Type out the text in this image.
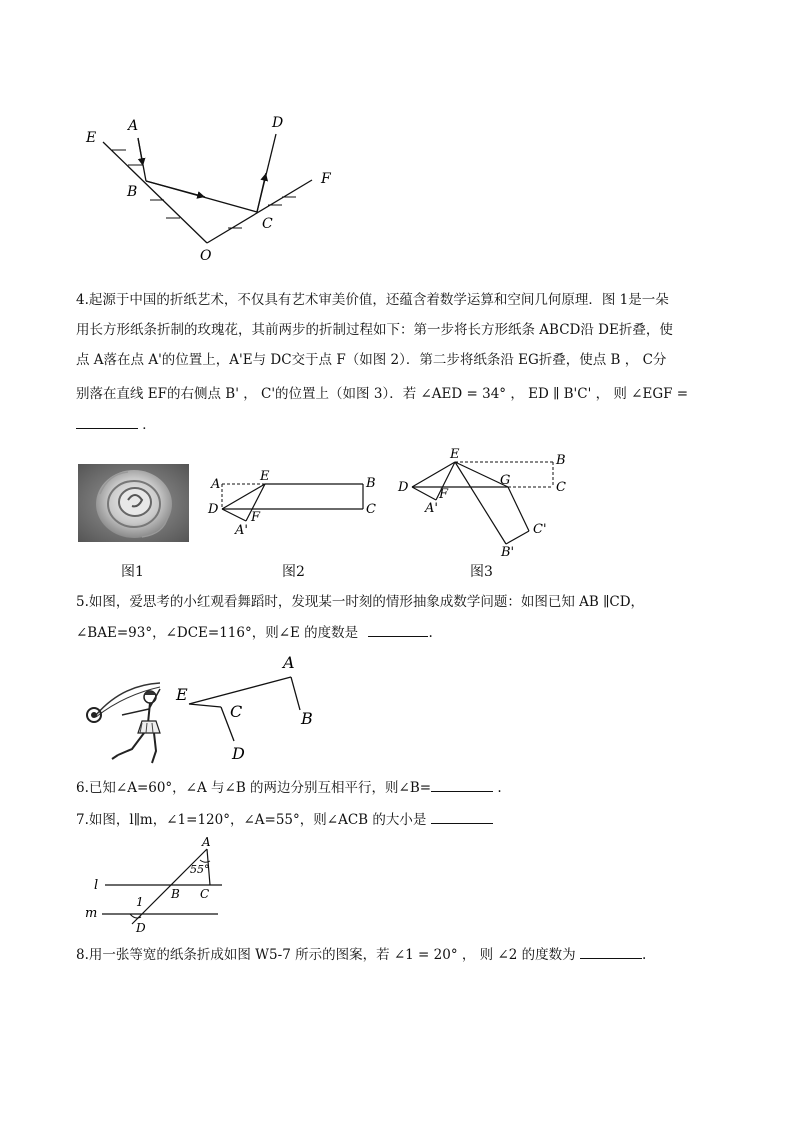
E
A	D
B
C
F
O
4.起源于中国的折纸艺术，不仅具有艺术审美价值，还蕴含着数学运算和空间几何原理．图 1是一朵
用长方形纸条折制的玫瑰花，其前两步的折制过程如下：第一步将长方形纸条 ABCD沿 DE折叠，使
点 A落在点 A'的位置上，A'E与 DC交于点 F（如图 2）．第二步将纸条沿 EG折叠，使点 B ， C分
别落在直线 EF的右侧点 B' ， C'的位置上（如图 3）．若 ∠AED = 34° ， ED ∥ B'C' ， 则 ∠EGF =
．
A
E	B
D
F
C
A'
E	B
D	G	C
F
A'
C'
B'
图1	图2	图3
5.如图，爱思考的小红观看舞蹈时，发现某一时刻的情形抽象成数学问题：如图已知 AB ∥CD，
∠BAE=93°，∠DCE=116°，则∠E 的度数是	.
A
E
C	B
D
6.已知∠A=60°，∠A 与∠B 的两边分别互相平行，则∠B=	.
7.如图，l∥m，∠1=120°，∠A=55°，则∠ACB 的大小是
A
55°
l
B C
1
m
D
8.用一张等宽的纸条折成如图 W5-7 所示的图案，若 ∠1 = 20° ， 则 ∠2 的度数为	.
